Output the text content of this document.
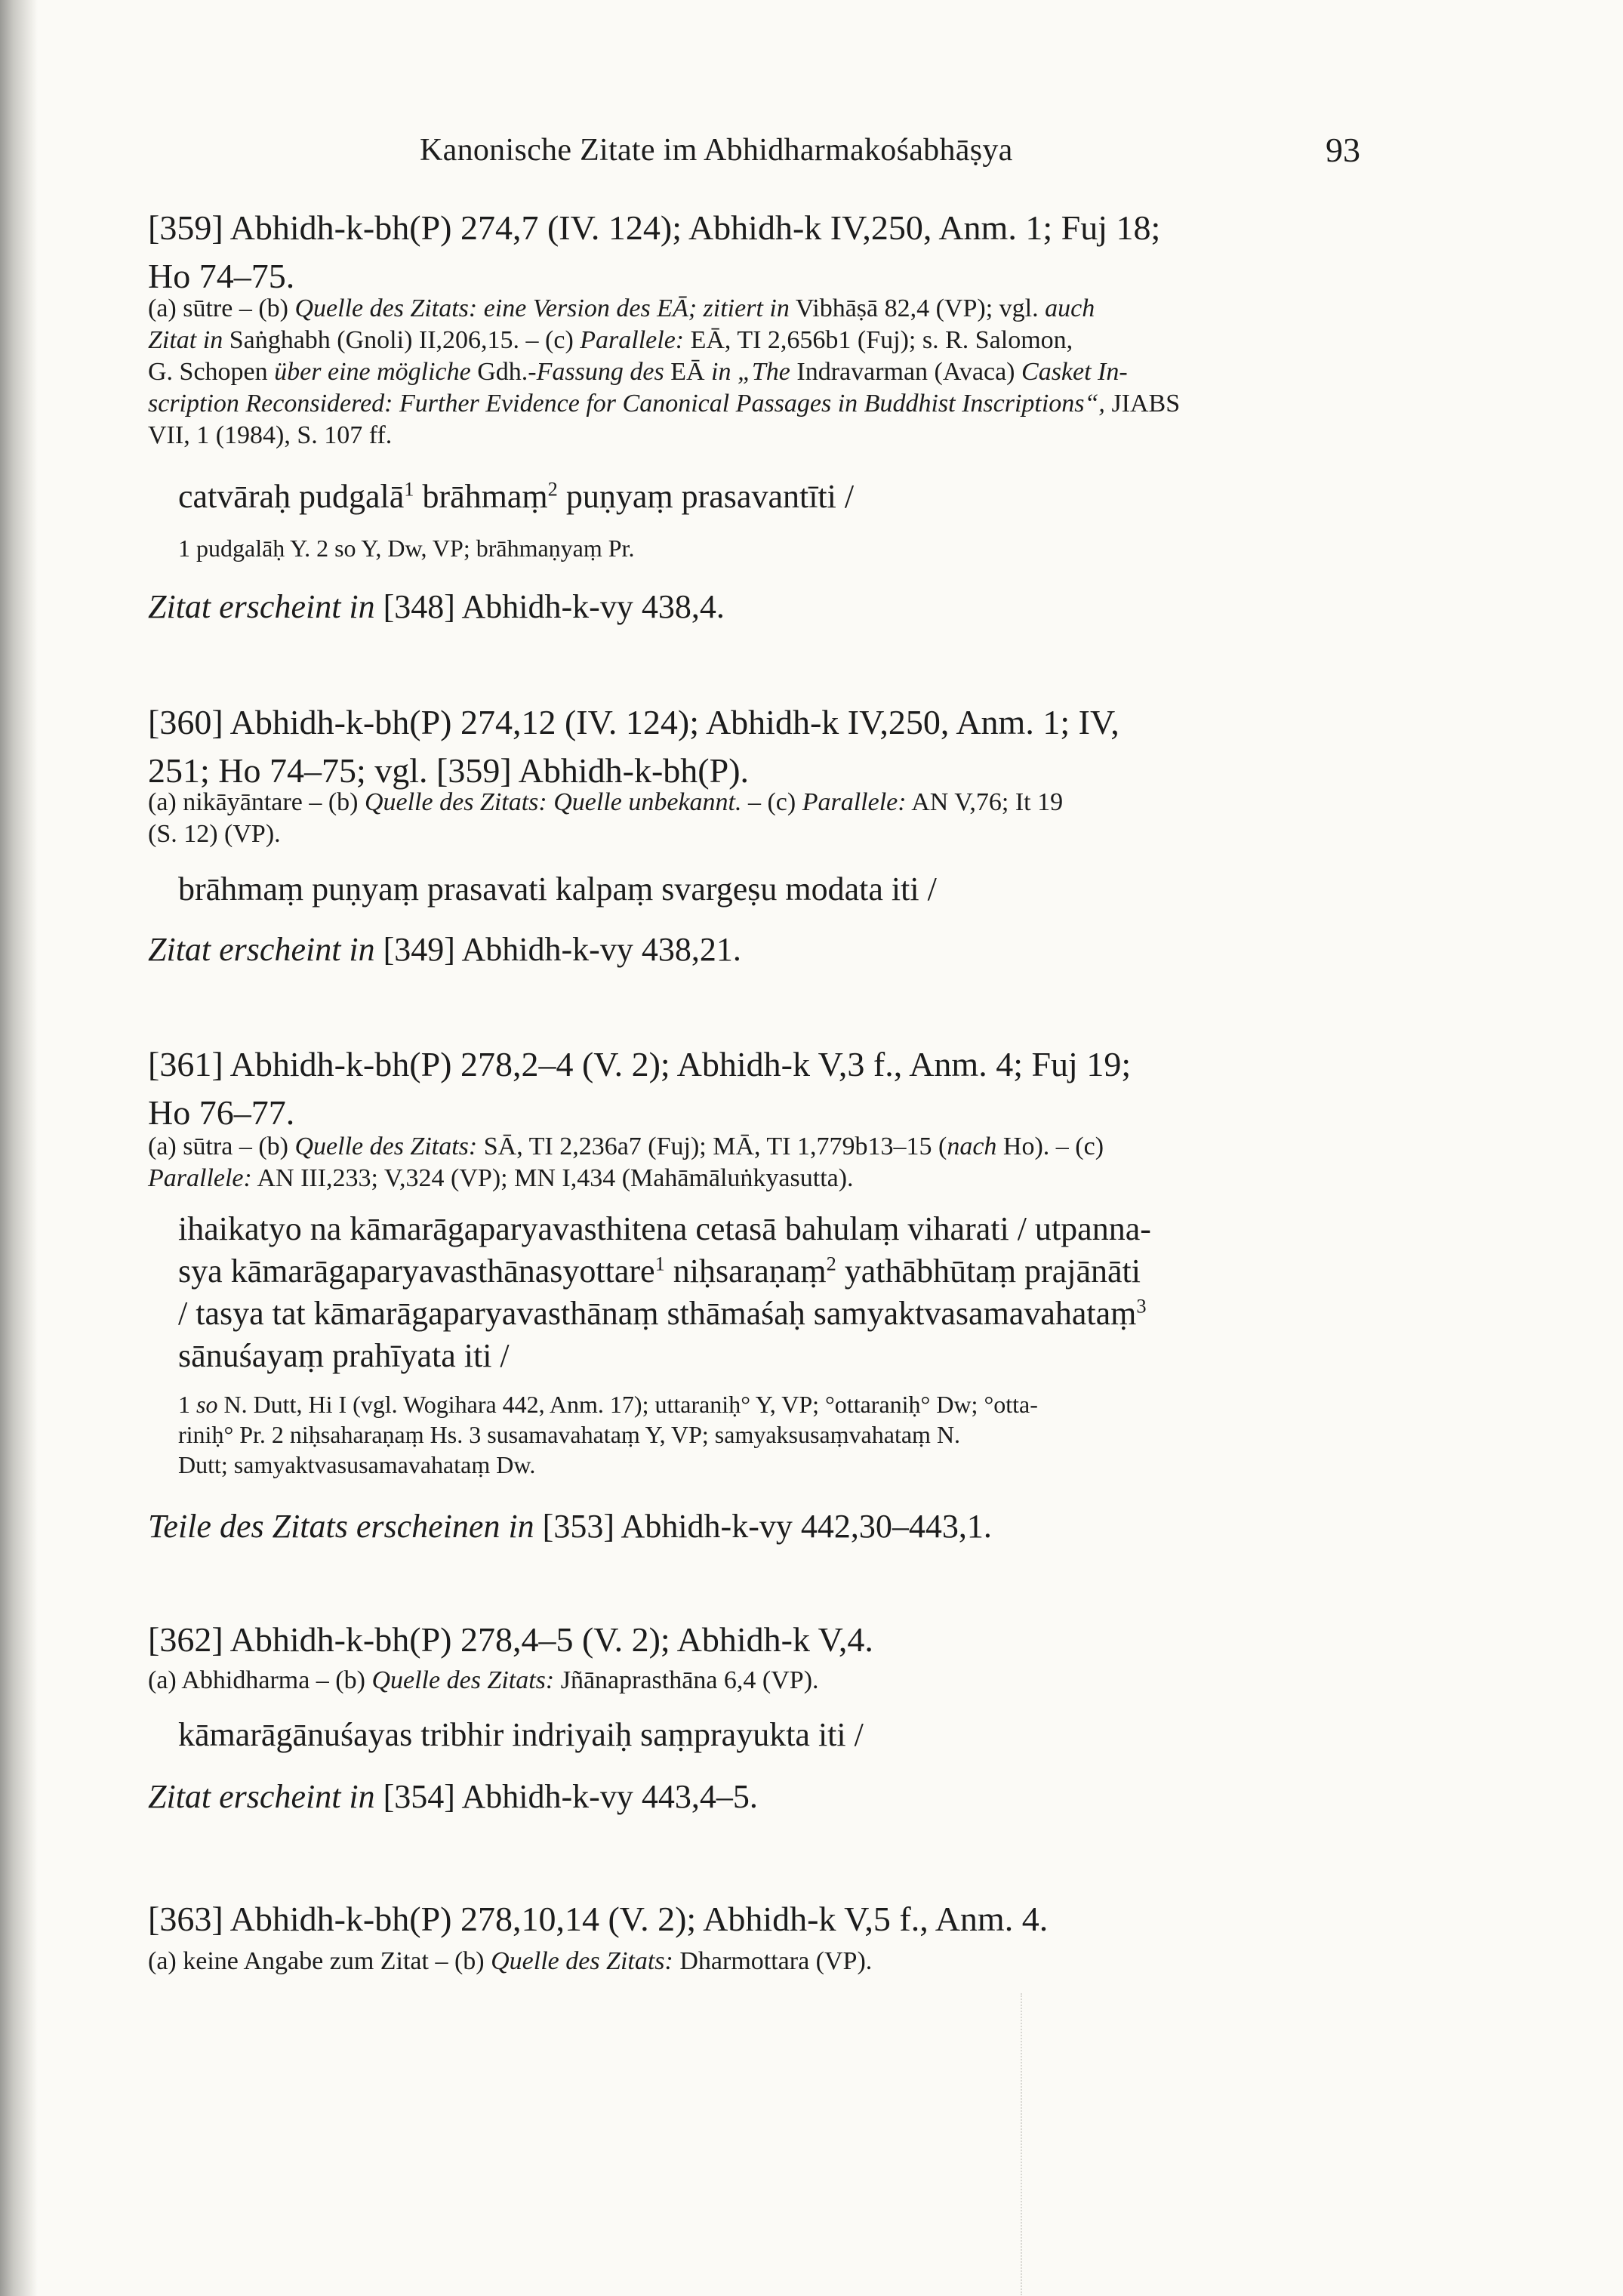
Kanonische Zitate im Abhidharmakośabhāṣya	93
[359] Abhidh-k-bh(P) 274,7 (IV. 124); Abhidh-k IV,250, Anm. 1; Fuj 18;
Ho 74–75.
(a) sūtre – (b) Quelle des Zitats: eine Version des EĀ; zitiert in Vibhāṣā 82,4 (VP); vgl. auch
Zitat in Saṅghabh (Gnoli) II,206,15. – (c) Parallele: EĀ, TI 2,656b1 (Fuj); s. R. Salomon,
G. Schopen über eine mögliche Gdh.-Fassung des EĀ in „The Indravarman (Avaca) Casket In-
scription Reconsidered: Further Evidence for Canonical Passages in Buddhist Inscriptions“, JIABS
VII, 1 (1984), S. 107 ff.
catvāraḥ pudgalā$^1$ brāhmaṃ$^2$ puṇyaṃ prasavantīti /
1 pudgalāḥ Y. 2 so Y, Dw, VP; brāhmaṇyaṃ Pr.
Zitat erscheint in [348] Abhidh-k-vy 438,4.
[360] Abhidh-k-bh(P) 274,12 (IV. 124); Abhidh-k IV,250, Anm. 1; IV,
251; Ho 74–75; vgl. [359] Abhidh-k-bh(P).
(a) nikāyāntare – (b) Quelle des Zitats: Quelle unbekannt. – (c) Parallele: AN V,76; It 19
(S. 12) (VP).
brāhmaṃ puṇyaṃ prasavati kalpaṃ svargeṣu modata iti /
Zitat erscheint in [349] Abhidh-k-vy 438,21.
[361] Abhidh-k-bh(P) 278,2–4 (V. 2); Abhidh-k V,3 f., Anm. 4; Fuj 19;
Ho 76–77.
(a) sūtra – (b) Quelle des Zitats: SĀ, TI 2,236a7 (Fuj); MĀ, TI 1,779b13–15 (nach Ho). – (c)
Parallele: AN III,233; V,324 (VP); MN I,434 (Mahāmāluṅkyasutta).
ihaikatyo na kāmarāgaparyavasthitena cetasā bahulaṃ viharati / utpanna-
sya kāmarāgaparyavasthānasyottare$^1$ niḥsaraṇaṃ$^2$ yathābhūtaṃ prajānāti
/ tasya tat kāmarāgaparyavasthānaṃ sthāmaśaḥ samyaktvasamavahataṃ$^3$
sānuśayaṃ prahīyata iti /
1 so N. Dutt, Hi I (vgl. Wogihara 442, Anm. 17); uttaraniḥ° Y, VP; °ottaraniḥ° Dw; °otta-
riniḥ° Pr. 2 niḥsaharaṇaṃ Hs. 3 susamavahataṃ Y, VP; samyaksusaṃvahataṃ N.
Dutt; samyaktvasusamavahataṃ Dw.
Teile des Zitats erscheinen in [353] Abhidh-k-vy 442,30–443,1.
[362] Abhidh-k-bh(P) 278,4–5 (V. 2); Abhidh-k V,4.
(a) Abhidharma – (b) Quelle des Zitats: Jñānaprasthāna 6,4 (VP).
kāmarāgānuśayas tribhir indriyaiḥ saṃprayukta iti /
Zitat erscheint in [354] Abhidh-k-vy 443,4–5.
[363] Abhidh-k-bh(P) 278,10,14 (V. 2); Abhidh-k V,5 f., Anm. 4.
(a) keine Angabe zum Zitat – (b) Quelle des Zitats: Dharmottara (VP).
